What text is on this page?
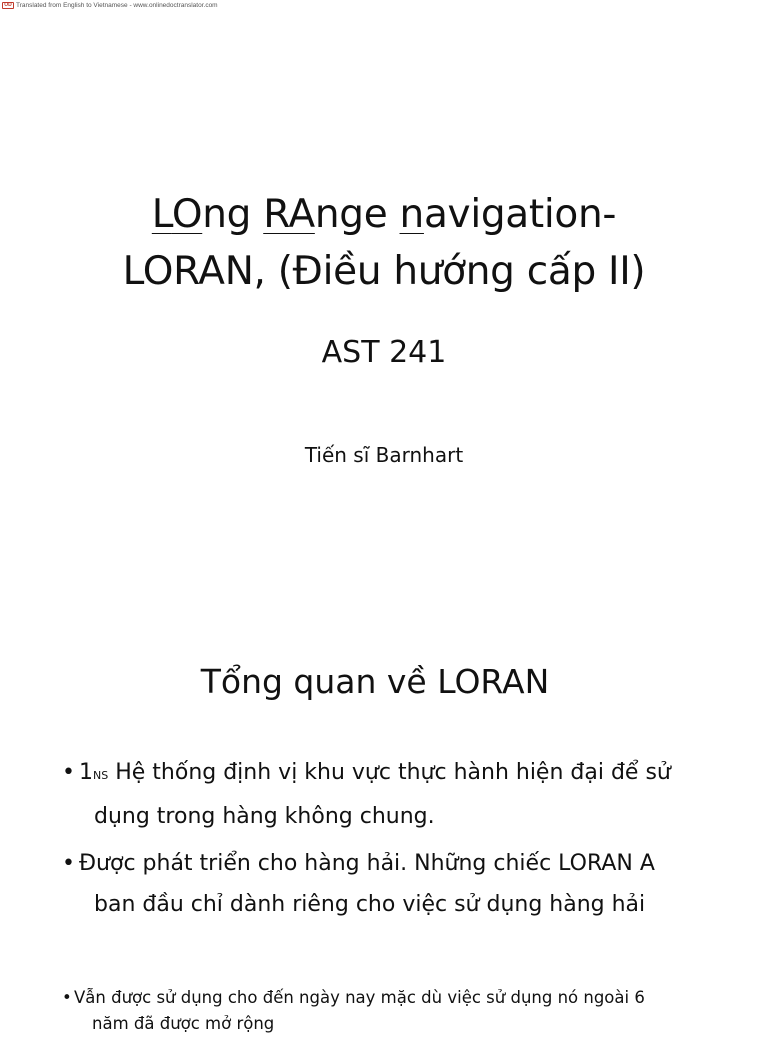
OD Translated from English to Vietnamese - www.onlinedoctranslator.com
LOng RAnge navigation-
LORAN, (Điều hướng cấp II)
AST 241
Tiến sĩ Barnhart
Tổng quan về LORAN
• 1NS Hệ thống định vị khu vực thực hành hiện đại để sử
dụng trong hàng không chung.
• Được phát triển cho hàng hải. Những chiếc LORAN A
ban đầu chỉ dành riêng cho việc sử dụng hàng hải
• Vẫn được sử dụng cho đến ngày nay mặc dù việc sử dụng nó ngoài 6
năm đã được mở rộng
